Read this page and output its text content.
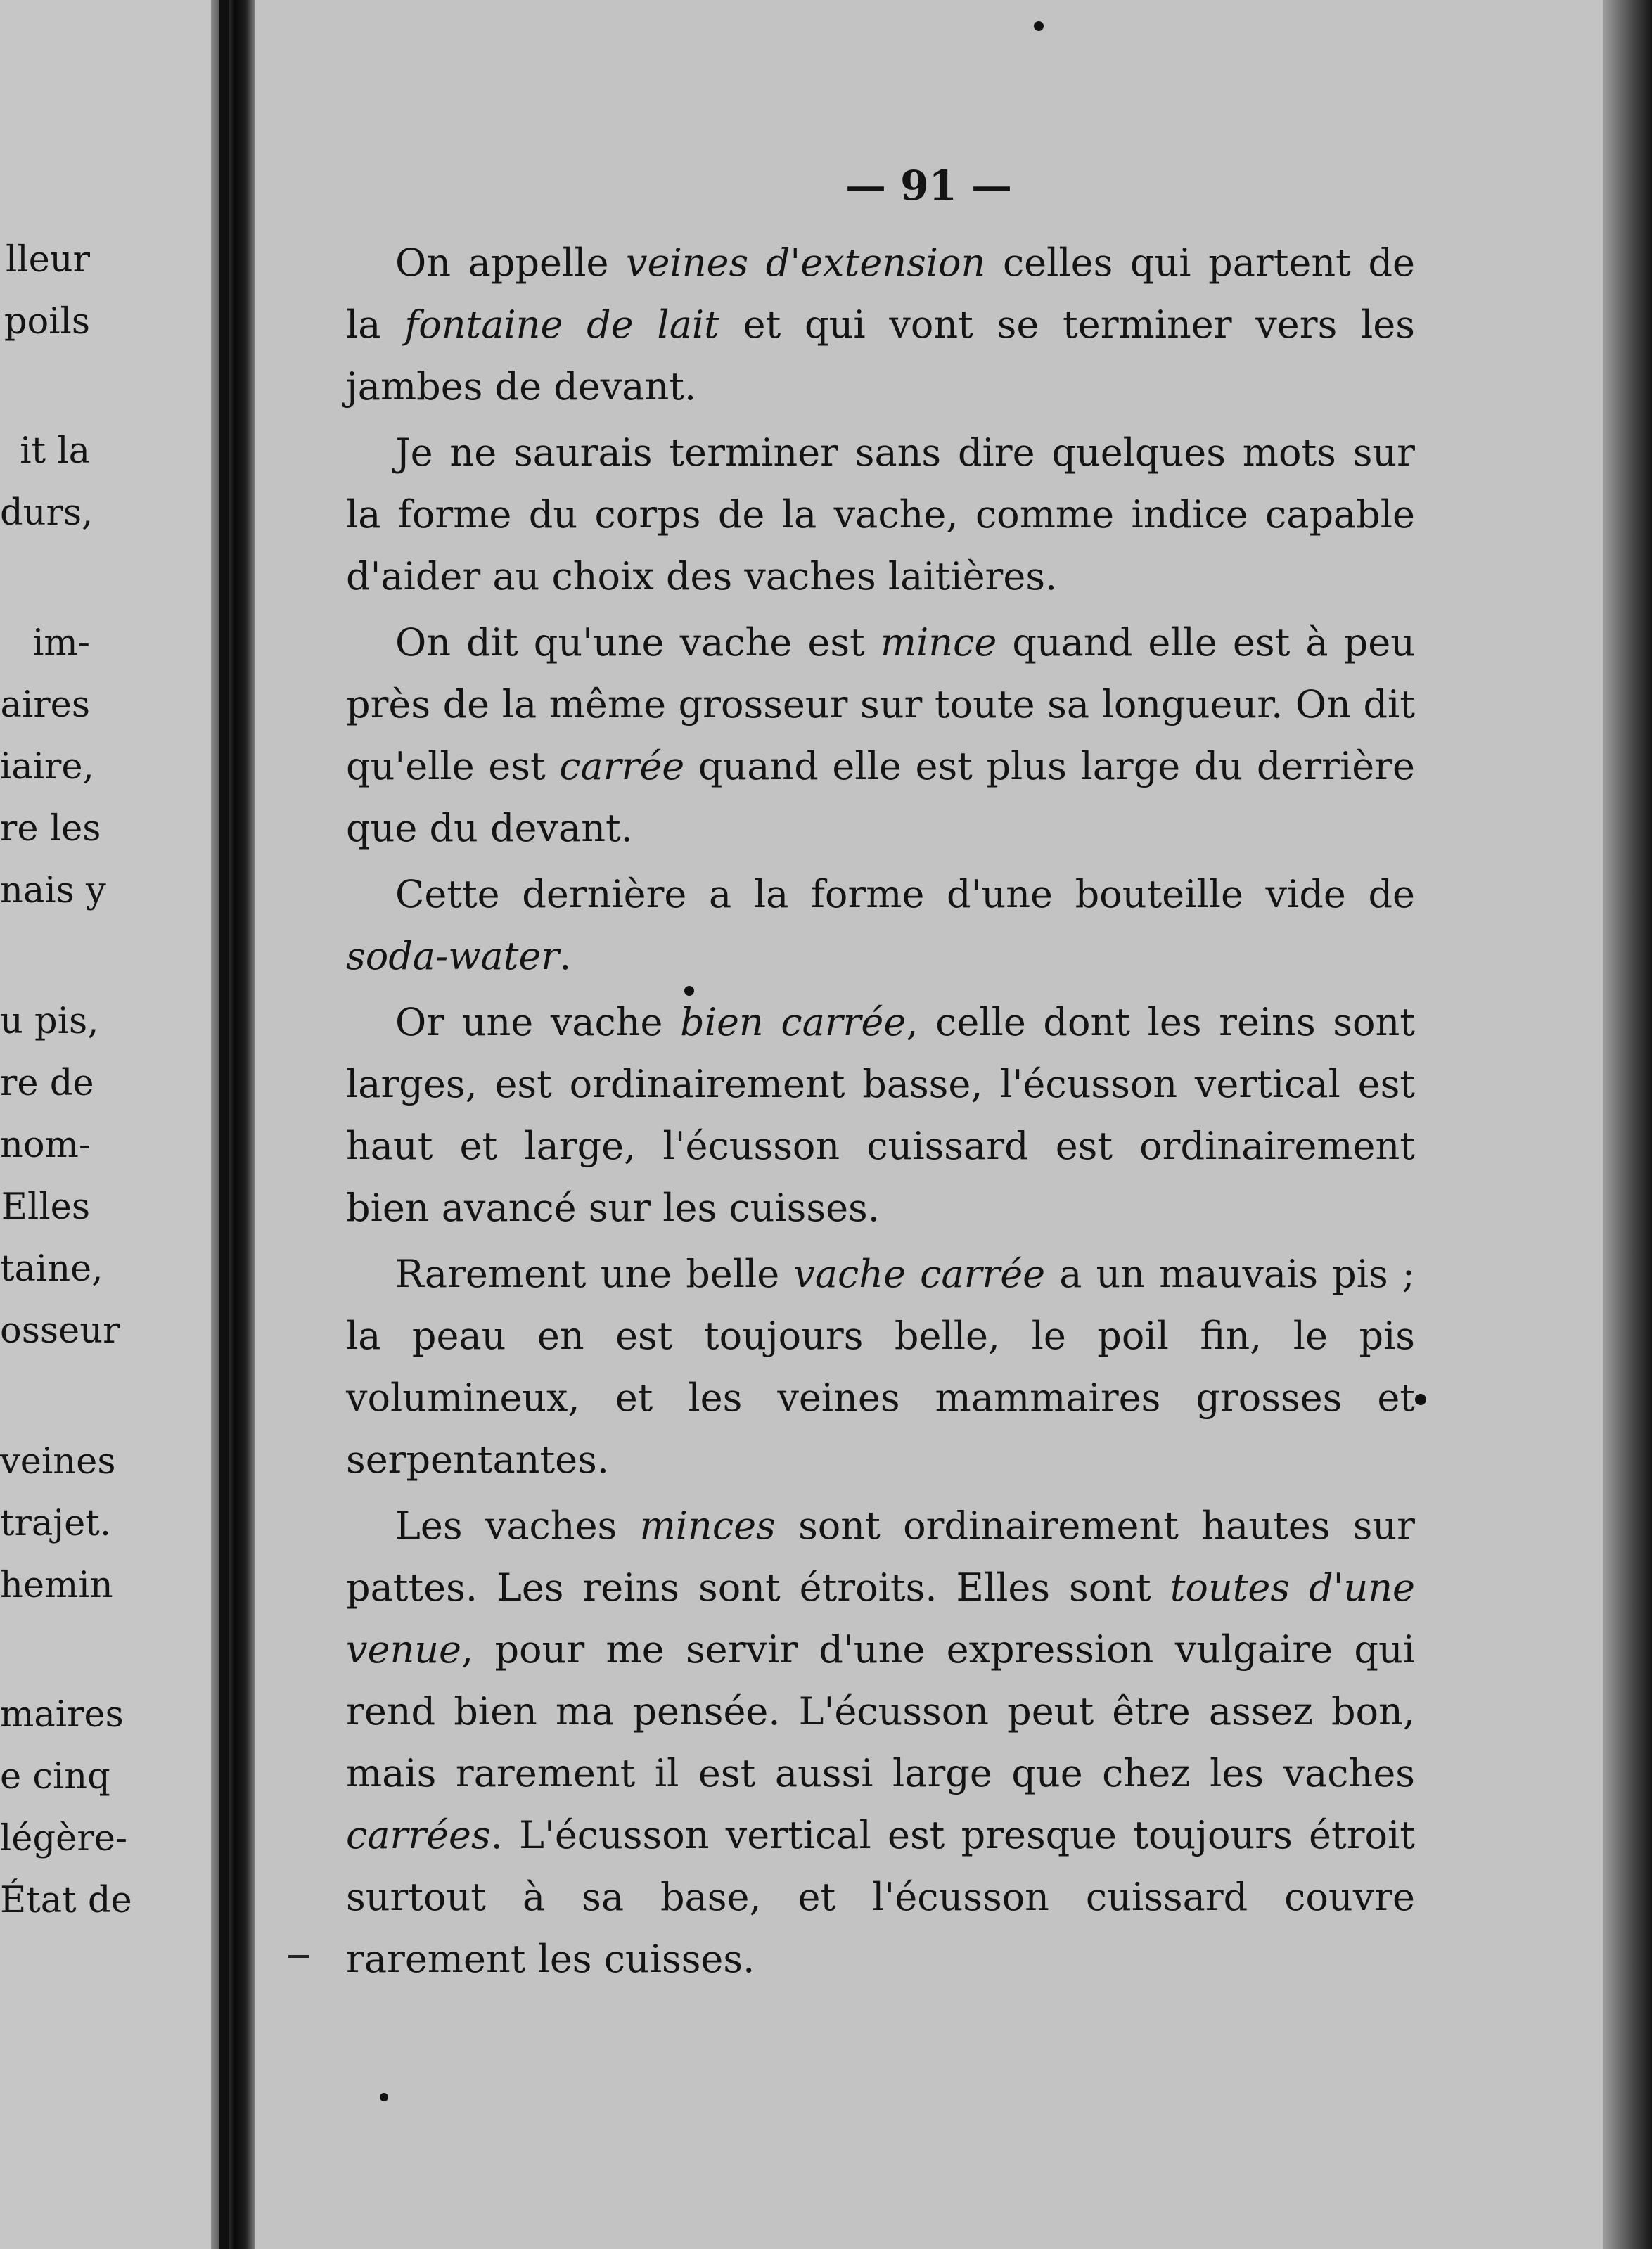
lleur
poils
it la
durs,
im-
aires
iaire,
re les
nais y
u pis,
re de
nom-
Elles
taine,
osseur
veines
trajet.
hemin
maires
e cinq
légère-
État de
— 91 —

On appelle veines d'extension celles qui partent de la fontaine de lait et qui vont se terminer vers les jambes de devant.

Je ne saurais terminer sans dire quelques mots sur la forme du corps de la vache, comme indice capable d'aider au choix des vaches laitières.

On dit qu'une vache est mince quand elle est à peu près de la même grosseur sur toute sa longueur. On dit qu'elle est carrée quand elle est plus large du derrière que du devant.

Cette dernière a la forme d'une bouteille vide de soda-water.

Or une vache bien carrée, celle dont les reins sont larges, est ordinairement basse, l'écusson vertical est haut et large, l'écusson cuissard est ordinairement bien avancé sur les cuisses.

Rarement une belle vache carrée a un mauvais pis ; la peau en est toujours belle, le poil fin, le pis volumineux, et les veines mammaires grosses et serpentantes.

Les vaches minces sont ordinairement hautes sur pattes. Les reins sont étroits. Elles sont toutes d'une venue, pour me servir d'une expression vulgaire qui rend bien ma pensée. L'écusson peut être assez bon, mais rarement il est aussi large que chez les vaches carrées. L'écusson vertical est presque toujours étroit surtout à sa base, et l'écusson cuissard couvre rarement les cuisses.
